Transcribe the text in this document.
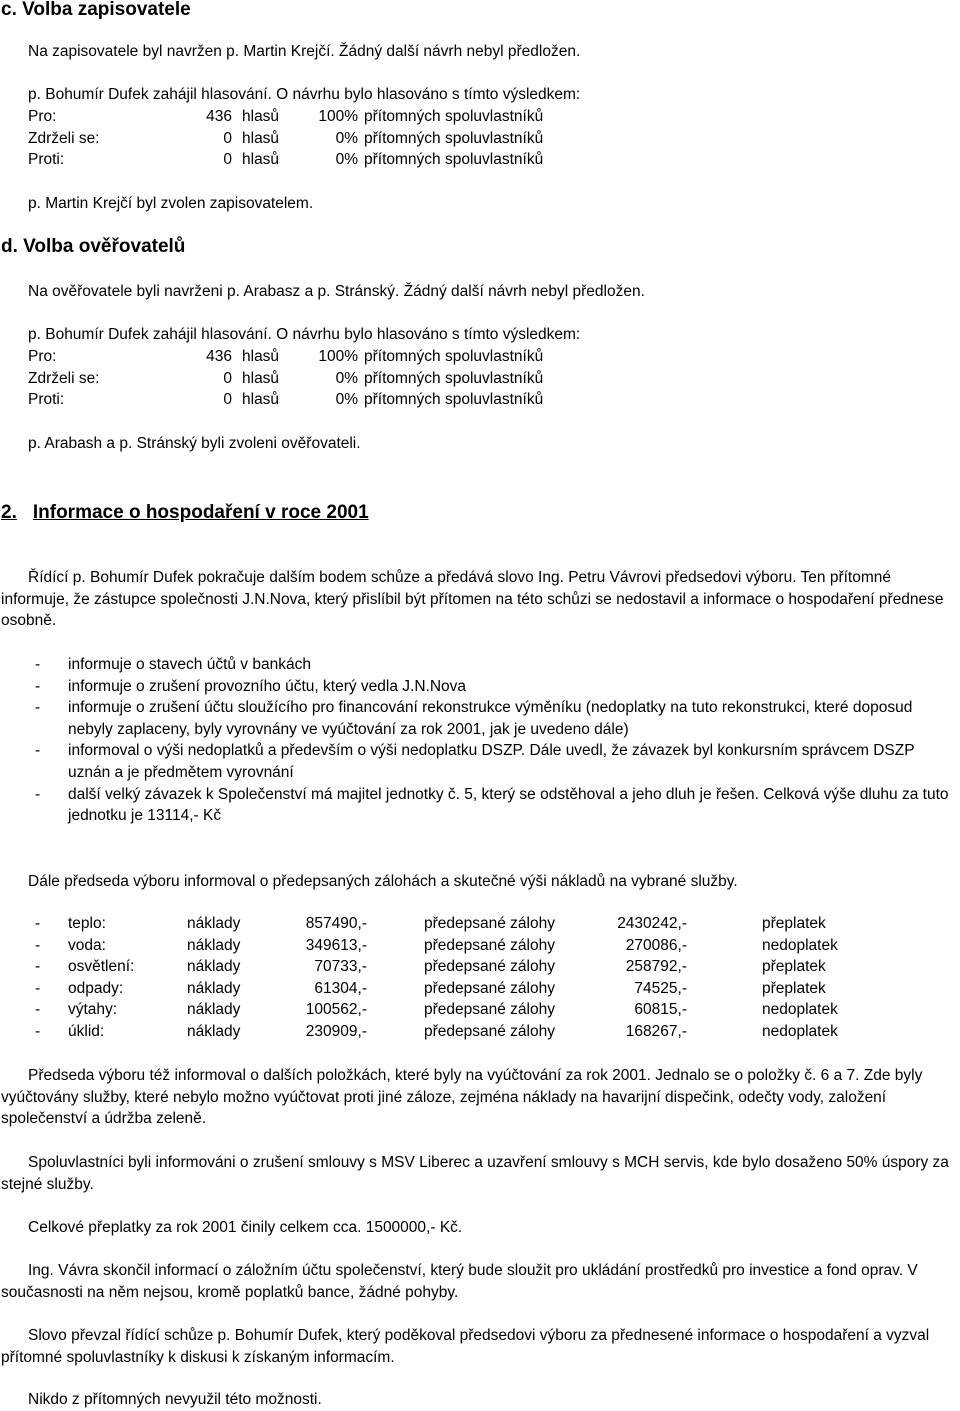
c. Volba zapisovatele
Na zapisovatele byl navržen p. Martin Krejčí. Žádný další návrh nebyl předložen.
p. Bohumír Dufek zahájil hlasování. O návrhu bylo hlasováno s tímto výsledkem:
Pro:	436 hlasů	100% přítomných spoluvlastníků
Zdrželi se:	0 hlasů	0% přítomných spoluvlastníků
Proti:	0 hlasů	0% přítomných spoluvlastníků
p. Martin Krejčí byl zvolen zapisovatelem.
d. Volba ověřovatelů
Na ověřovatele byli navrženi p. Arabasz a p. Stránský. Žádný další návrh nebyl předložen.
p. Bohumír Dufek zahájil hlasování. O návrhu bylo hlasováno s tímto výsledkem:
Pro:	436 hlasů	100% přítomných spoluvlastníků
Zdrželi se:	0 hlasů	0% přítomných spoluvlastníků
Proti:	0 hlasů	0% přítomných spoluvlastníků
p. Arabash a p. Stránský byli zvoleni ověřovateli.
2. Informace o hospodaření v roce 2001
Řídící p. Bohumír Dufek pokračuje dalším bodem schůze a předává slovo Ing. Petru Vávrovi předsedovi výboru. Ten přítomné informuje, že zástupce společnosti J.N.Nova, který přislíbil být přítomen na této schůzi se nedostavil a informace o hospodaření přednese osobně.
- informuje o stavech účtů v bankách
- informuje o zrušení provozního účtu, který vedla J.N.Nova
- informuje o zrušení účtu sloužícího pro financování rekonstrukce výměníku (nedoplatky na tuto rekonstrukci, které doposud nebyly zaplaceny, byly vyrovnány ve vyúčtování za rok 2001, jak je uvedeno dále)
- informoval o výši nedoplatků a především o výši nedoplatku DSZP. Dále uvedl, že závazek byl konkursním správcem DSZP uznán a je předmětem vyrovnání
- další velký závazek k Společenství má majitel jednotky č. 5, který se odstěhoval a jeho dluh je řešen. Celková výše dluhu za tuto jednotku je 13114,- Kč
Dále předseda výboru informoval o předepsaných zálohách a skutečné výši nákladů na vybrané služby.
- teplo:	náklady	857490,-	předepsané zálohy	2430242,-	přeplatek
- voda:	náklady	349613,-	předepsané zálohy	270086,-	nedoplatek
- osvětlení:	náklady	70733,-	předepsané zálohy	258792,-	přeplatek
- odpady:	náklady	61304,-	předepsané zálohy	74525,-	přeplatek
- výtahy:	náklady	100562,-	předepsané zálohy	60815,-	nedoplatek
- úklid:	náklady	230909,-	předepsané zálohy	168267,-	nedoplatek
Předseda výboru též informoval o dalších položkách, které byly na vyúčtování za rok 2001. Jednalo se o položky č. 6 a 7. Zde byly vyúčtovány služby, které nebylo možno vyúčtovat proti jiné záloze, zejména náklady na havarijní dispečink, odečty vody, založení společenství a údržba zeleně.
Spoluvlastníci byli informováni o zrušení smlouvy s MSV Liberec a uzavření smlouvy s MCH servis, kde bylo dosaženo 50% úspory za stejné služby.
Celkové přeplatky za rok 2001 činily celkem cca. 1500000,- Kč.
Ing. Vávra skončil informací o záložním účtu společenství, který bude sloužit pro ukládání prostředků pro investice a fond oprav. V současnosti na něm nejsou, kromě poplatků bance, žádné pohyby.
Slovo převzal řídící schůze p. Bohumír Dufek, který poděkoval předsedovi výboru za přednesené informace o hospodaření a vyzval přítomné spoluvlastníky k diskusi k získaným informacím.
Nikdo z přítomných nevyužil této možnosti.
